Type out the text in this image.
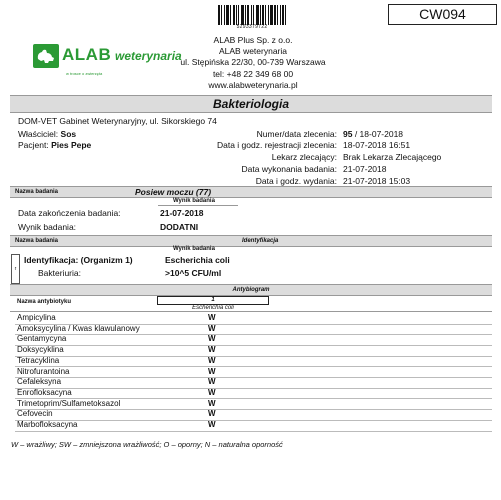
5293379722
CW094
ALAB weterynaria
w trosce o zwierzęta
ALAB Plus Sp. z o.o.
ALAB weterynaria
ul. Stępińska 22/30, 00-739 Warszawa
tel: +48 22 349 68 00
www.alabweterynaria.pl
Bakteriologia
DOM-VET Gabinet Weterynaryjny, ul. Sikorskiego 74
Właściciel: Sos
Pacjent: Pies Pepe
Numer/data zlecenia: 95 / 18-07-2018
Data i godz. rejestracji zlecenia: 18-07-2018 16:51
Lekarz zlecający: Brak Lekarza Zlecającego
Data wykonania badania: 21-07-2018
Data i godz. wydania: 21-07-2018 15:03
Nazwa badania	Posiew moczu (77)
Wynik badania
Data zakończenia badania:	21-07-2018
Wynik badania:	DODATNI
Nazwa badania	Identyfikacja
Wynik badania
r
Identyfikacja: (Organizm 1)	Escherichia coli
Bakteriuria:	>10^5 CFU/ml
Antybiogram
Nazwa antybiotyku	1
Escherichia coli
Ampicylina	W
Amoksycylina / Kwas klawulanowy	W
Gentamycyna	W
Doksycyklina	W
Tetracyklina	W
Nitrofurantoina	W
Cefaleksyna	W
Enrofloksacyna	W
Trimetoprim/Sulfametoksazol	W
Cefovecin	W
Marbofloksacyna	W
W – wrażliwy; SW – zmniejszona wrażliwość; O – oporny; N – naturalna oporność
